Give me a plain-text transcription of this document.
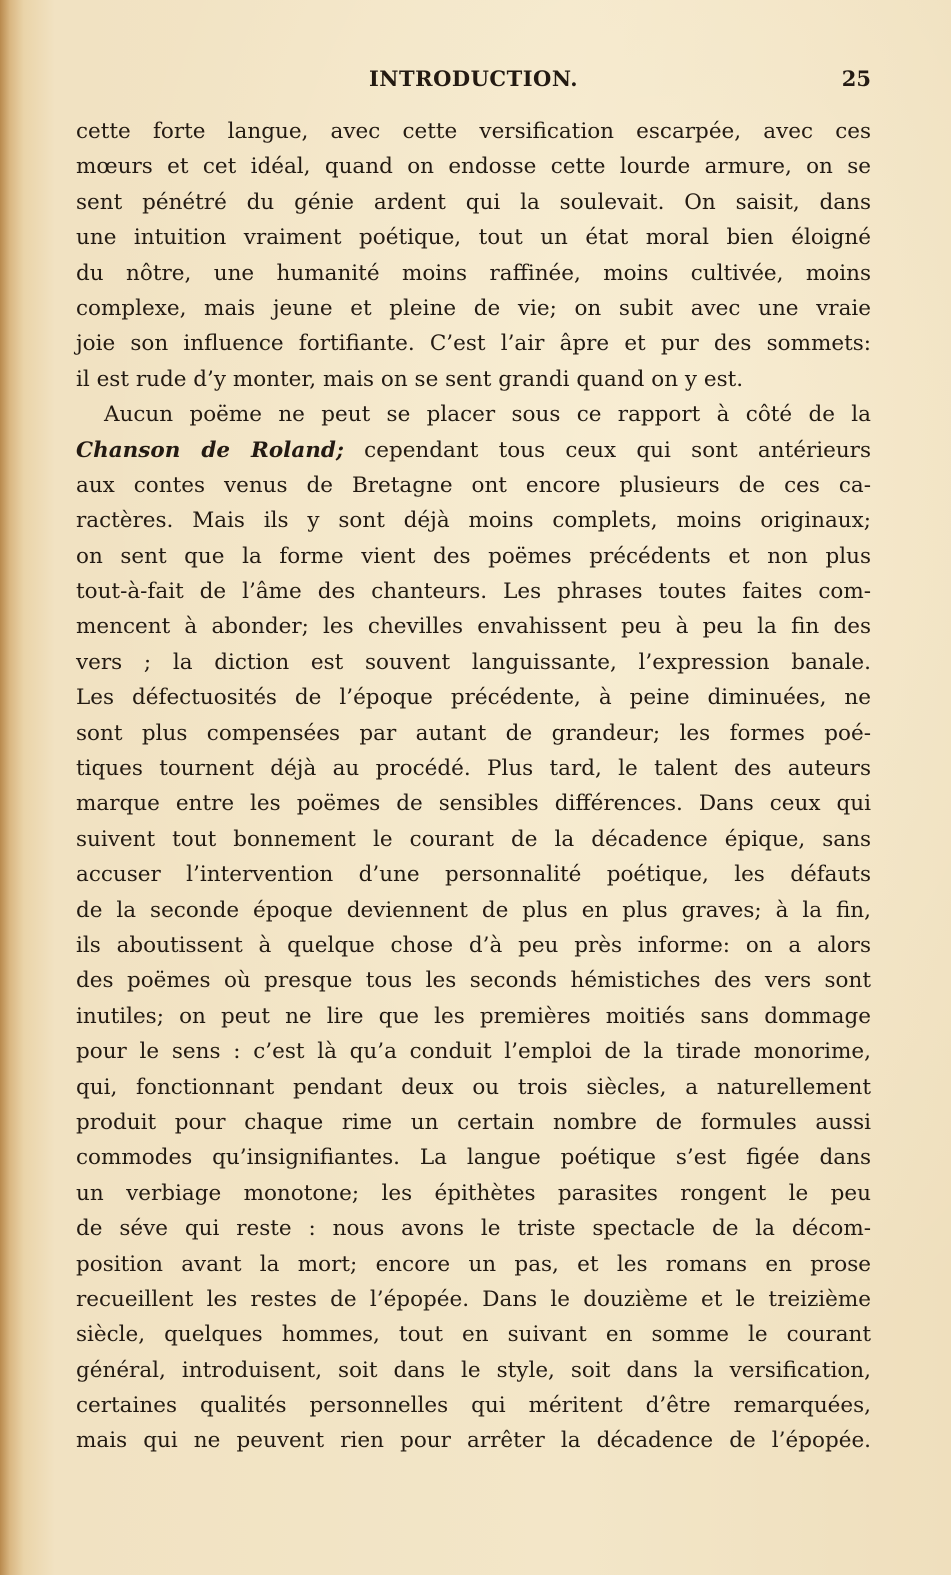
INTRODUCTION.	25
cette forte langue, avec cette versification escarpée, avec ces
mœurs et cet idéal, quand on endosse cette lourde armure, on se
sent pénétré du génie ardent qui la soulevait. On saisit, dans
une intuition vraiment poétique, tout un état moral bien éloigné
du nôtre, une humanité moins raffinée, moins cultivée, moins
complexe, mais jeune et pleine de vie; on subit avec une vraie
joie son influence fortifiante. C’est l’air âpre et pur des sommets:
il est rude d’y monter, mais on se sent grandi quand on y est.
Aucun poëme ne peut se placer sous ce rapport à côté de la
Chanson de Roland; cependant tous ceux qui sont antérieurs
aux contes venus de Bretagne ont encore plusieurs de ces ca-
ractères. Mais ils y sont déjà moins complets, moins originaux;
on sent que la forme vient des poëmes précédents et non plus
tout-à-fait de l’âme des chanteurs. Les phrases toutes faites com-
mencent à abonder; les chevilles envahissent peu à peu la fin des
vers ; la diction est souvent languissante, l’expression banale.
Les défectuosités de l’époque précédente, à peine diminuées, ne
sont plus compensées par autant de grandeur; les formes poé-
tiques tournent déjà au procédé. Plus tard, le talent des auteurs
marque entre les poëmes de sensibles différences. Dans ceux qui
suivent tout bonnement le courant de la décadence épique, sans
accuser l’intervention d’une personnalité poétique, les défauts
de la seconde époque deviennent de plus en plus graves; à la fin,
ils aboutissent à quelque chose d’à peu près informe: on a alors
des poëmes où presque tous les seconds hémistiches des vers sont
inutiles; on peut ne lire que les premières moitiés sans dommage
pour le sens : c’est là qu’a conduit l’emploi de la tirade monorime,
qui, fonctionnant pendant deux ou trois siècles, a naturellement
produit pour chaque rime un certain nombre de formules aussi
commodes qu’insignifiantes. La langue poétique s’est figée dans
un verbiage monotone; les épithètes parasites rongent le peu
de séve qui reste : nous avons le triste spectacle de la décom-
position avant la mort; encore un pas, et les romans en prose
recueillent les restes de l’épopée. Dans le douzième et le treizième
siècle, quelques hommes, tout en suivant en somme le courant
général, introduisent, soit dans le style, soit dans la versification,
certaines qualités personnelles qui méritent d’être remarquées,
mais qui ne peuvent rien pour arrêter la décadence de l’épopée.
